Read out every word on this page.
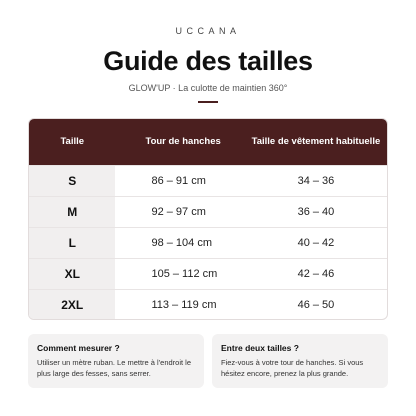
UCCANA
Guide des tailles
GLOW'UP · La culotte de maintien 360°
Taille	Tour de hanches	Taille de vêtement habituelle
S	86 – 91 cm	34 – 36
M	92 – 97 cm	36 – 40
L	98 – 104 cm	40 – 42
XL	105 – 112 cm	42 – 46
2XL	113 – 119 cm	46 – 50
Comment mesurer ?
Utiliser un mètre ruban. Le mettre à l'endroit le plus large des fesses, sans serrer.
Entre deux tailles ?
Fiez-vous à votre tour de hanches. Si vous hésitez encore, prenez la plus grande.
